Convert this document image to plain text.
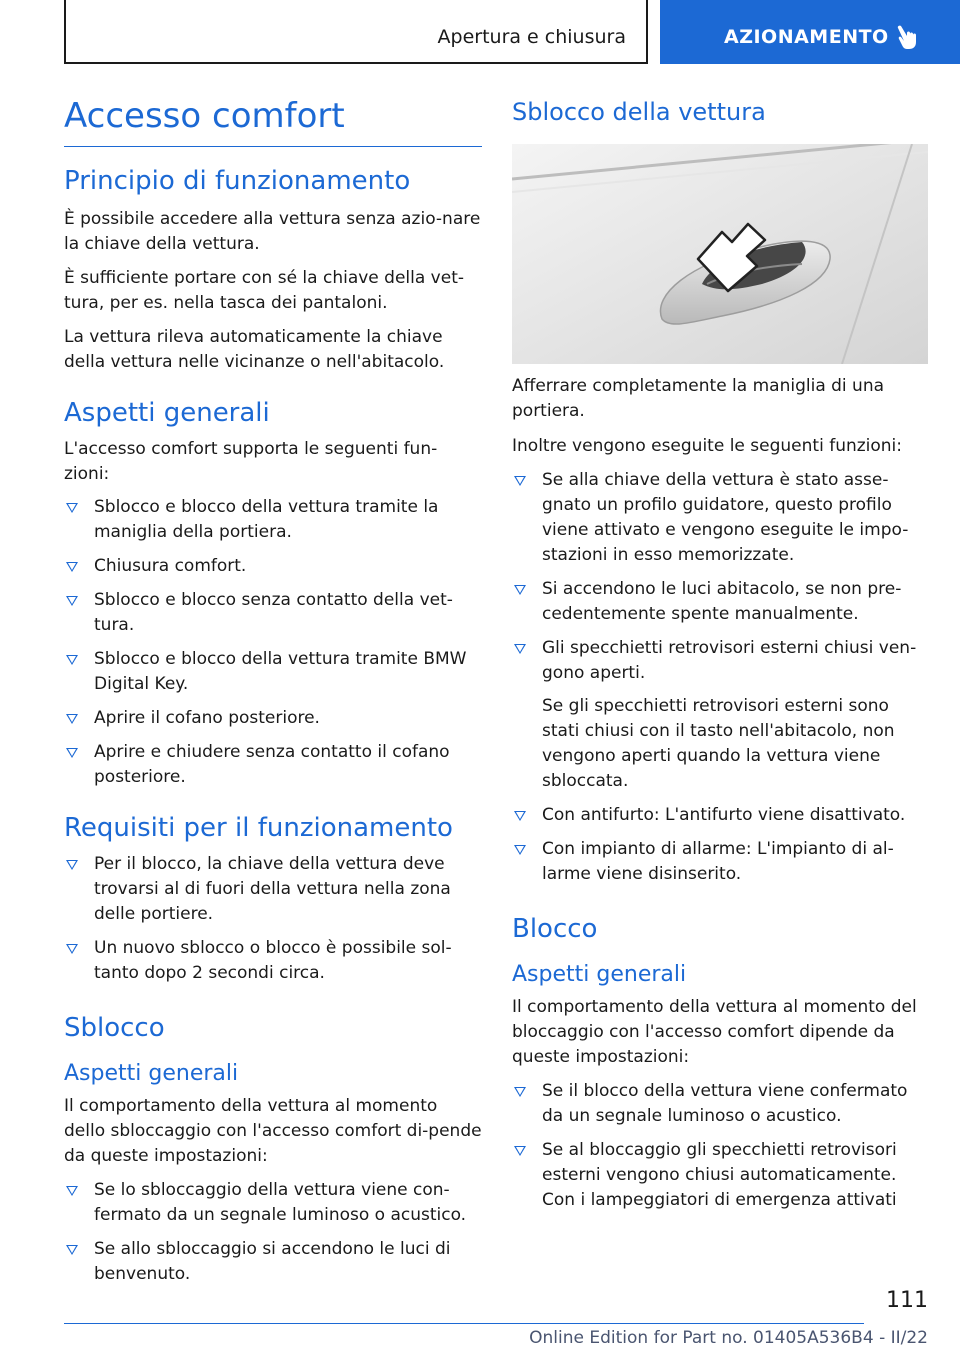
Apertura e chiusura	AZIONAMENTO
Accesso comfort
Principio di funzionamento

È possibile accedere alla vettura senza azio-nare la chiave della vettura.

È sufficiente portare con sé la chiave della vet-tura, per es. nella tasca dei pantaloni.

La vettura rileva automaticamente la chiave della vettura nelle vicinanze o nell'abitacolo.

Aspetti generali

L'accesso comfort supporta le seguenti fun-zioni:

Sblocco e blocco della vettura tramite la maniglia della portiera.
Chiusura comfort.
Sblocco e blocco senza contatto della vet-tura.
Sblocco e blocco della vettura tramite BMW Digital Key.
Aprire il cofano posteriore.
Aprire e chiudere senza contatto il cofano posteriore.
Requisiti per il funzionamento
Per il blocco, la chiave della vettura deve trovarsi al di fuori della vettura nella zona delle portiere.
Un nuovo sblocco o blocco è possibile sol-tanto dopo 2 secondi circa.
Sblocco
Aspetti generali

Il comportamento della vettura al momento dello sbloccaggio con l'accesso comfort di-pende da queste impostazioni:

Se lo sbloccaggio della vettura viene con-fermato da un segnale luminoso o acustico.
Se allo sbloccaggio si accendono le luci di benvenuto.
Sblocco della vettura

Afferrare completamente la maniglia di una portiera.

Inoltre vengono eseguite le seguenti funzioni:

Se alla chiave della vettura è stato asse-gnato un profilo guidatore, questo profilo viene attivato e vengono eseguite le impo-stazioni in esso memorizzate.
Si accendono le luci abitacolo, se non pre-cedentemente spente manualmente.
Gli specchietti retrovisori esterni chiusi ven-gono aperti.

Se gli specchietti retrovisori esterni sono stati chiusi con il tasto nell'abitacolo, non vengono aperti quando la vettura viene sbloccata.

Con antifurto: L'antifurto viene disattivato.
Con impianto di allarme: L'impianto di al-larme viene disinserito.
Blocco
Aspetti generali

Il comportamento della vettura al momento del bloccaggio con l'accesso comfort dipende da queste impostazioni:

Se il blocco della vettura viene confermato da un segnale luminoso o acustico.
Se al bloccaggio gli specchietti retrovisori esterni vengono chiusi automaticamente. Con i lampeggiatori di emergenza attivati
111
Online Edition for Part no. 01405A536B4 - II/22
